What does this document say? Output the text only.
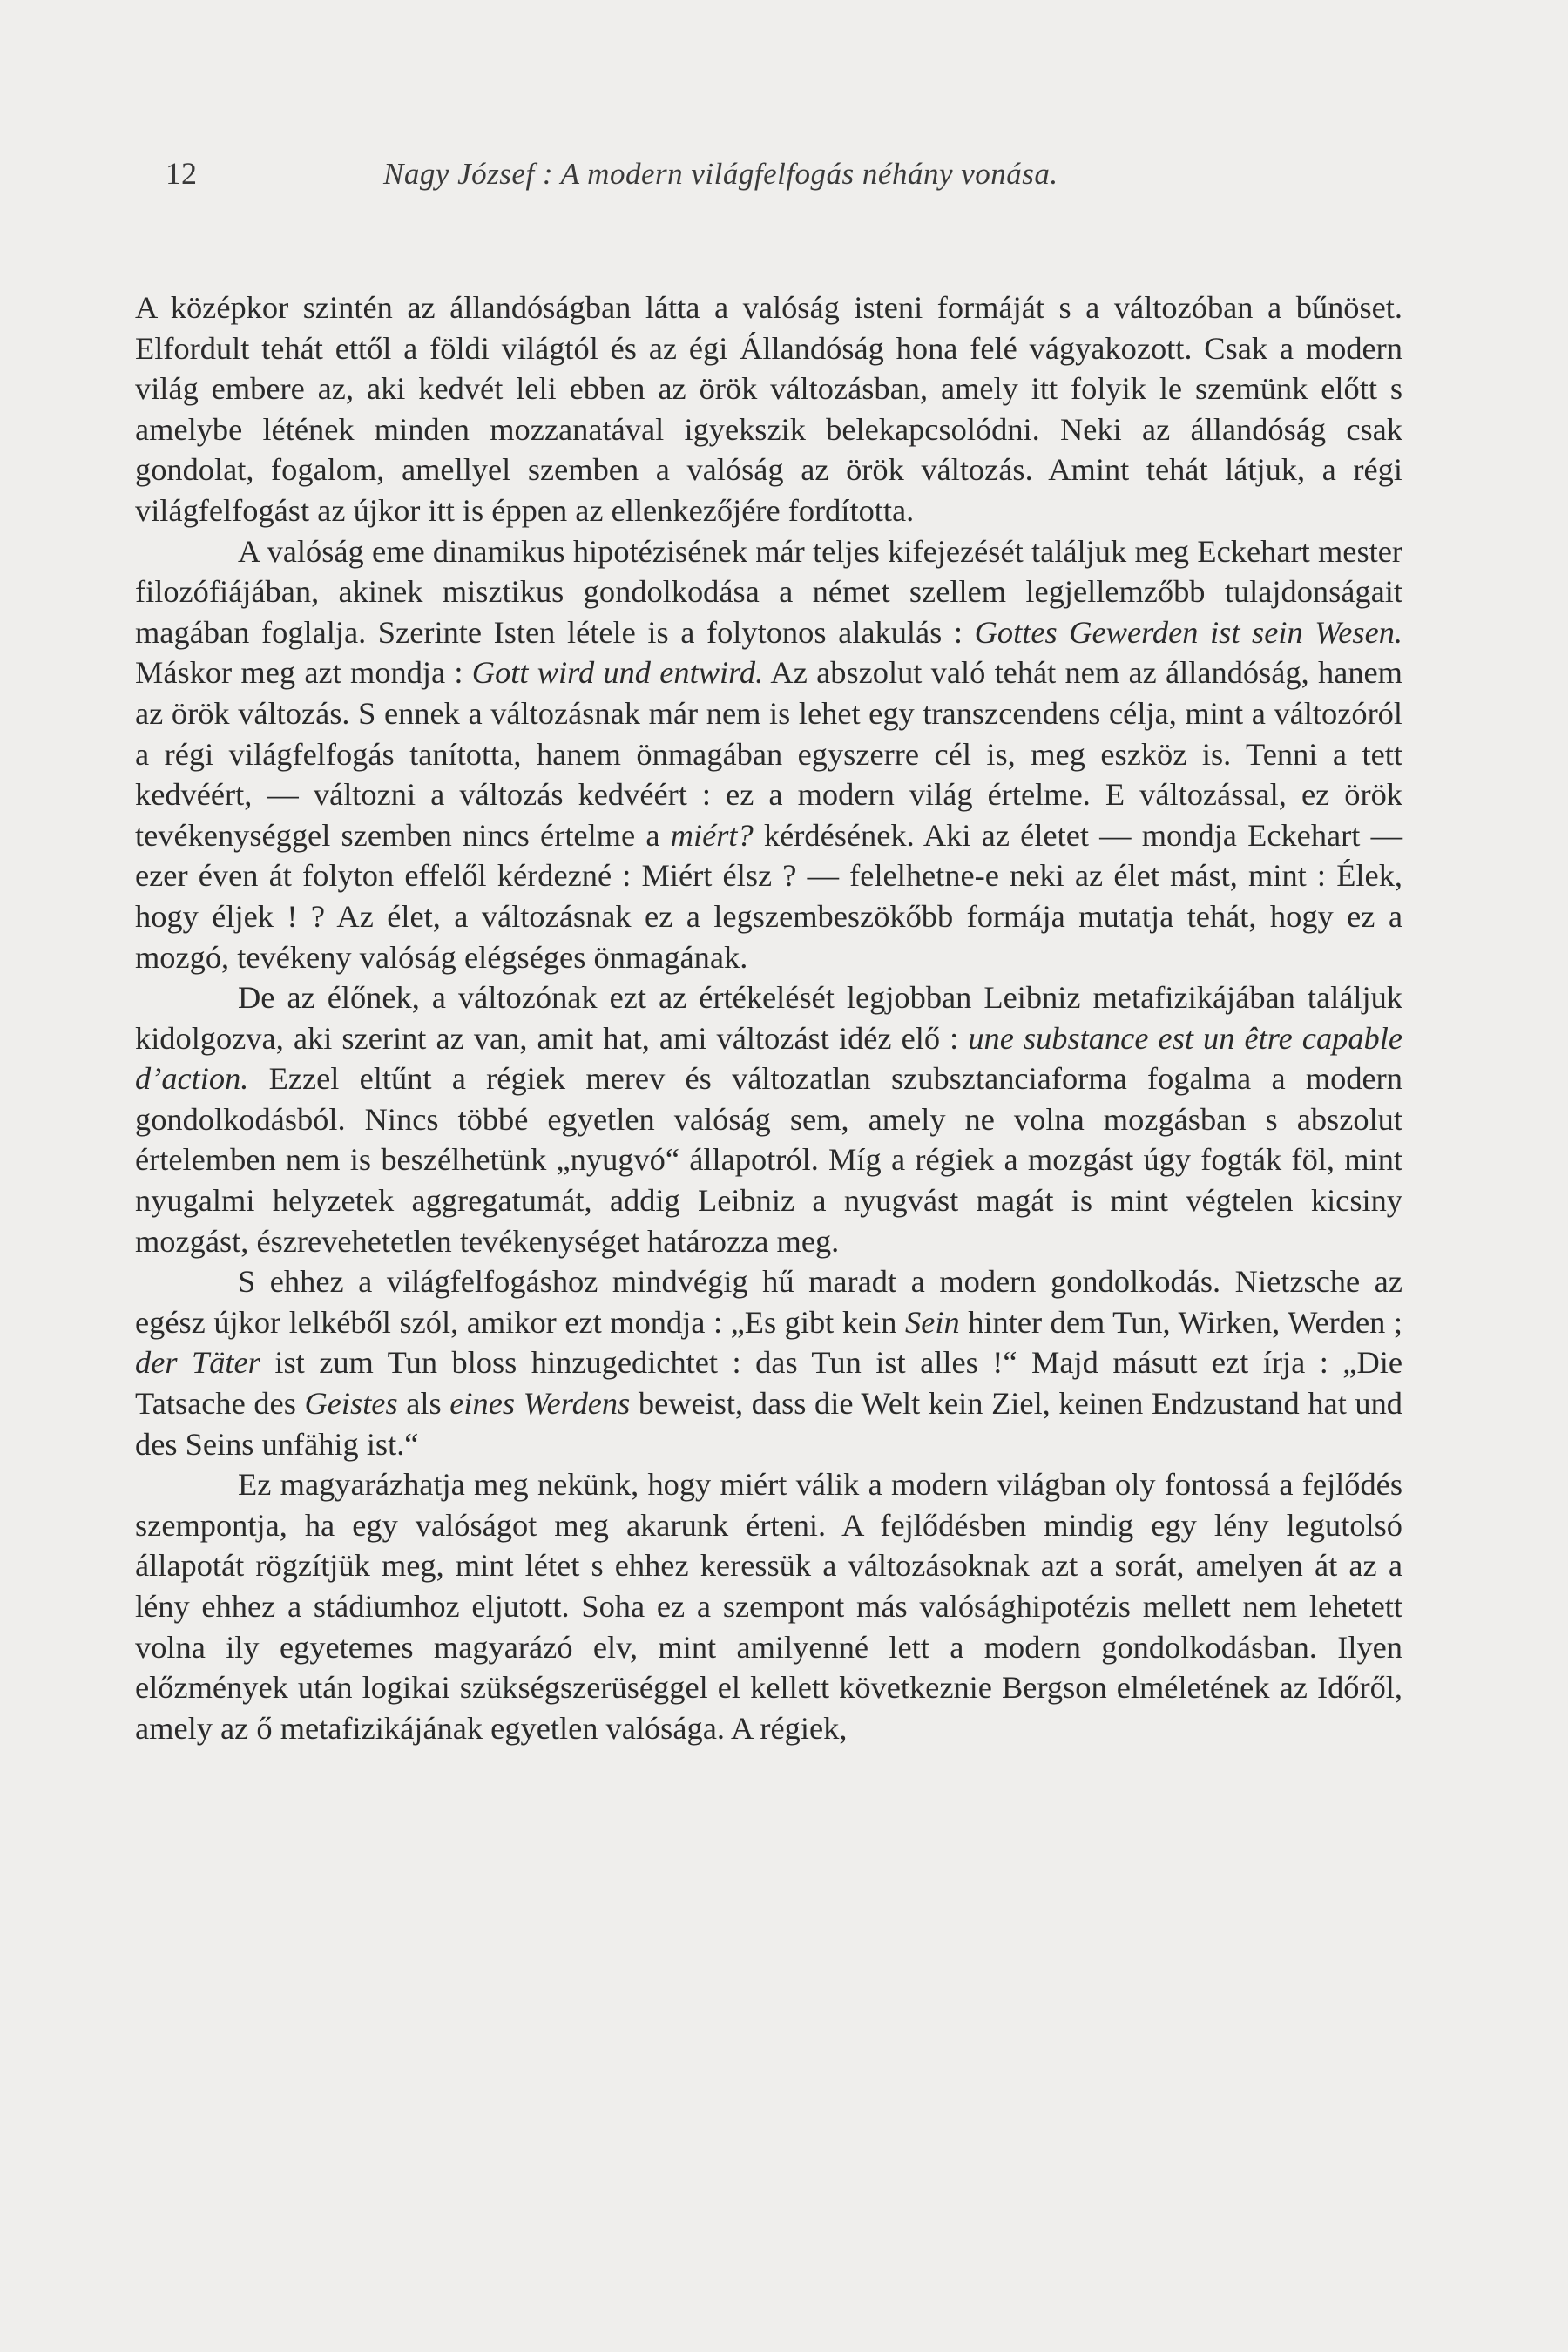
12	Nagy József : A modern világfelfogás néhány vonása.

A középkor szintén az állandóságban látta a valóság isteni formáját s a változóban a bűnöset. Elfordult tehát ettől a földi világtól és az égi Állandóság hona felé vágyakozott. Csak a modern világ embere az, aki kedvét leli ebben az örök változásban, amely itt folyik le szemünk előtt s amelybe létének minden mozzanatával igyekszik belekapcsolódni. Neki az állandóság csak gondolat, fogalom, amellyel szemben a valóság az örök változás. Amint tehát látjuk, a régi világfelfogást az újkor itt is éppen az ellenkezőjére fordította.

A valóság eme dinamikus hipotézisének már teljes kifejezését találjuk meg Eckehart mester filozófiájában, akinek misztikus gondolkodása a német szellem legjellemzőbb tulajdonságait magában foglalja. Szerinte Isten létele is a folytonos alakulás : Gottes Gewerden ist sein Wesen. Máskor meg azt mondja : Gott wird und entwird. Az abszolut való tehát nem az állandóság, hanem az örök változás. S ennek a változásnak már nem is lehet egy transzcendens célja, mint a változóról a régi világfelfogás tanította, hanem önmagában egyszerre cél is, meg eszköz is. Tenni a tett kedvéért, — változni a változás kedvéért : ez a modern világ értelme. E változással, ez örök tevékenységgel szemben nincs értelme a miért? kérdésének. Aki az életet — mondja Eckehart — ezer éven át folyton effelől kérdezné : Miért élsz ? — felelhetne-e neki az élet mást, mint : Élek, hogy éljek ! ? Az élet, a változásnak ez a legszembeszökőbb formája mutatja tehát, hogy ez a mozgó, tevékeny valóság elégséges önmagának.

De az élőnek, a változónak ezt az értékelését legjobban Leibniz metafizikájában találjuk kidolgozva, aki szerint az van, amit hat, ami változást idéz elő : une substance est un être capable d’action. Ezzel eltűnt a régiek merev és változatlan szubsztanciaforma fogalma a modern gondolkodásból. Nincs többé egyetlen valóság sem, amely ne volna mozgásban s abszolut értelemben nem is beszélhetünk „nyugvó“ állapotról. Míg a régiek a mozgást úgy fogták föl, mint nyugalmi helyzetek aggregatumát, addig Leibniz a nyugvást magát is mint végtelen kicsiny mozgást, észrevehetetlen tevékenységet határozza meg.

S ehhez a világfelfogáshoz mindvégig hű maradt a modern gondolkodás. Nietzsche az egész újkor lelkéből szól, amikor ezt mondja : „Es gibt kein Sein hinter dem Tun, Wirken, Werden ; der Täter ist zum Tun bloss hinzugedichtet : das Tun ist alles !“ Majd másutt ezt írja : „Die Tatsache des Geistes als eines Werdens beweist, dass die Welt kein Ziel, keinen Endzustand hat und des Seins unfähig ist.“

Ez magyarázhatja meg nekünk, hogy miért válik a modern világban oly fontossá a fejlődés szempontja, ha egy valóságot meg akarunk érteni. A fejlődésben mindig egy lény legutolsó állapotát rögzítjük meg, mint létet s ehhez keressük a változásoknak azt a sorát, amelyen át az a lény ehhez a stádiumhoz eljutott. Soha ez a szempont más valósághipotézis mellett nem lehetett volna ily egyetemes magyarázó elv, mint amilyenné lett a modern gondolkodásban. Ilyen előzmények után logikai szükségszerüséggel el kellett következnie Bergson elméletének az Időről, amely az ő metafizikájának egyetlen valósága. A régiek,
